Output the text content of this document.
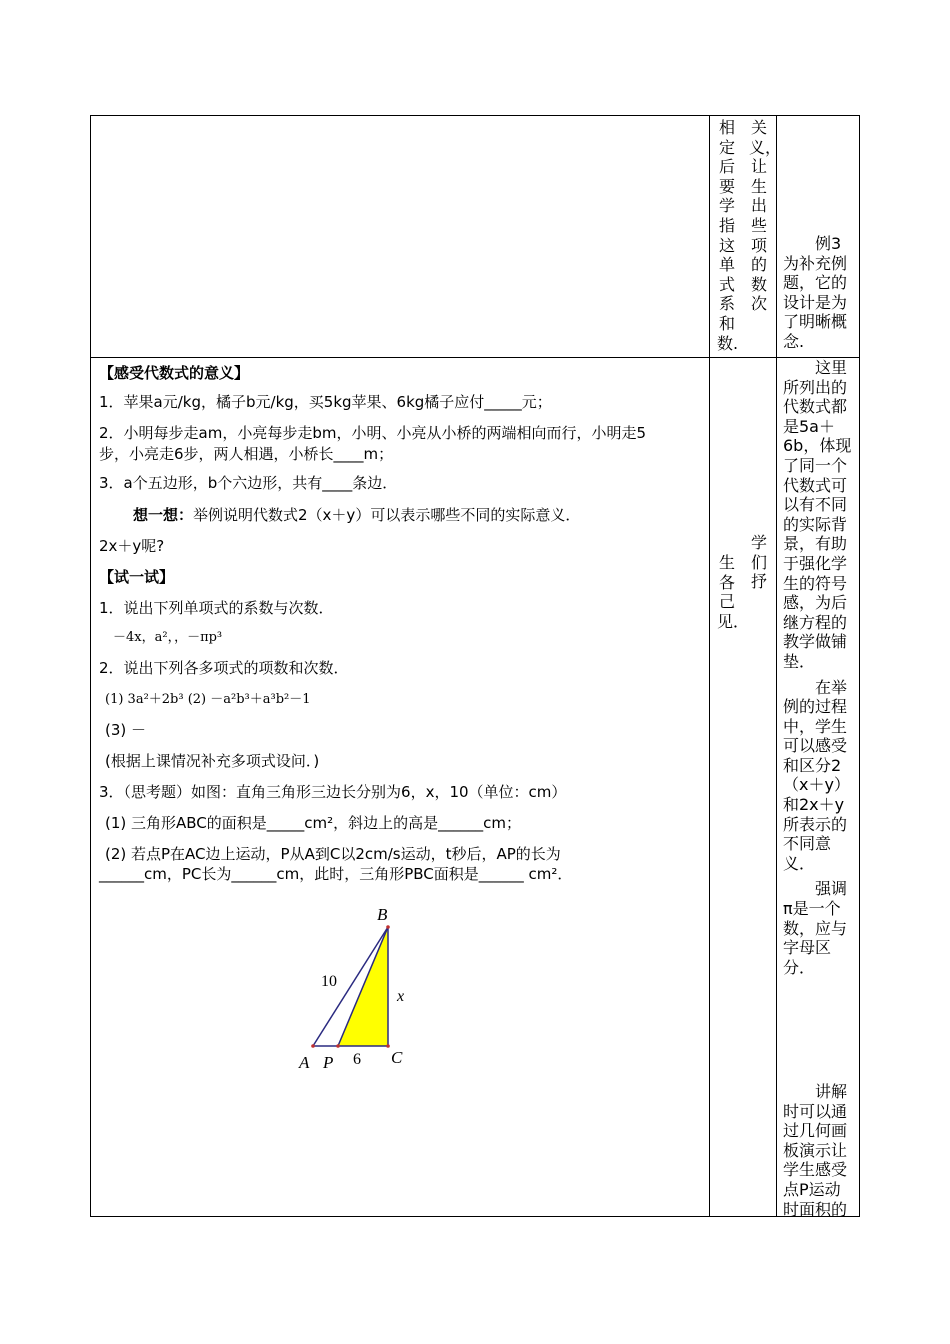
相定后要学指这单式系和数.
关义，让生出些项的数次

例3为补充例题，它的设计是为了明晰概念.

【感受代数式的意义】

1．苹果a元/kg，橘子b元/kg，买5kg苹果、6kg橘子应付_____元；

2．小明每步走am，小亮每步走bm，小明、小亮从小桥的两端相向而行，小明走5
步，小亮走6步，两人相遇，小桥长____m；

3．a个五边形，b个六边形，共有____条边．

想一想：举例说明代数式2（x＋y）可以表示哪些不同的实际意义．

2x＋y呢?

【试一试】

1．说出下列单项式的系数与次数．

－4x，a²，，－πp³

2．说出下列各多项式的项数和次数．

(1) 3a²＋2b³ (2) －a²b³＋a³b²－1

(3) －

(根据上课情况补充多项式设问．)

3．（思考题）如图：直角三角形三边长分别为6，x，10（单位：cm）

(1) 三角形ABC的面积是_____cm²，斜边上的高是______cm；

(2) 若点P在AC边上运动，P从A到C以2cm/s运动，t秒后，AP的长为

______cm，PC长为______cm，此时，三角形PBC面积是______ cm²．

B
A P	C
10
x
6
生各己见．
学们抒

这里所列出的代数式都是5a＋6b，体现了同一个代数式可以有不同的实际背景，有助于强化学生的符号感，为后继方程的教学做铺垫．

在举例的过程中，学生可以感受和区分2（x＋y）和2x＋y所表示的不同意义．

强调π是一个数，应与字母区分．

讲解时可以通过几何画板演示让学生感受点P运动时面积的
